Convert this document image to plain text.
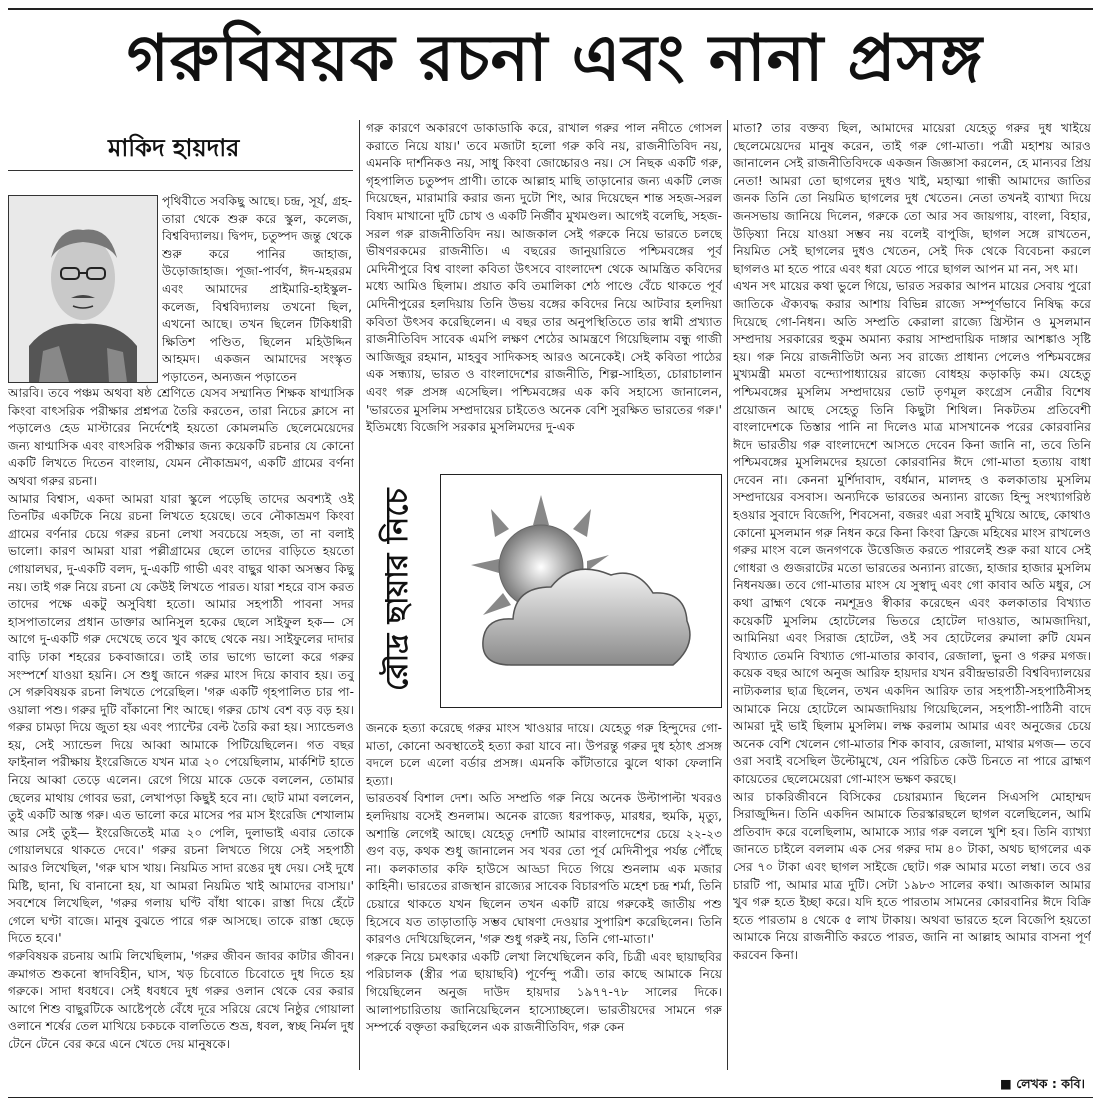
গরুবিষয়ক রচনা এবং নানা প্রসঙ্গ
মাকিদ হায়দার

পৃথিবীতে সবকিছু আছে। চন্দ্র, সূর্য, গ্রহ-তারা থেকে শুরু করে স্কুল, কলেজ, বিশ্ববিদ্যালয়। দ্বিপদ, চতুষ্পদ জন্তু থেকে শুরু করে পানির জাহাজ, উড়োজাহাজ। পূজা-পার্বণ, ঈদ-মহররম এবং আমাদের প্রাইমারি-হাইস্কুল-কলেজ, বিশ্ববিদ্যালয় তখনো ছিল, এখনো আছে। তখন ছিলেন টিকিধারী ক্ষিতিশ পণ্ডিত, ছিলেন মহিউদ্দিন আহমদ। একজন আমাদের সংস্কৃত পড়াতেন, অন্যজন পড়াতেন

আরবি। তবে পঞ্চম অথবা ষষ্ঠ শ্রেণিতে যেসব সম্মানিত শিক্ষক ষাণ্মাসিক কিংবা বাৎসরিক পরীক্ষার প্রশ্নপত্র তৈরি করতেন, তারা নিচের ক্লাসে না পড়ালেও হেড মাস্টারের নির্দেশেই হয়তো কোমলমতি ছেলেমেয়েদের জন্য ষাণ্মাসিক এবং বাৎসরিক পরীক্ষার জন্য কয়েকটি রচনার যে কোনো একটি লিখতে দিতেন বাংলায়, যেমন নৌকাভ্রমণ, একটি গ্রামের বর্ণনা অথবা গরুর রচনা।

আমার বিশ্বাস, একদা আমরা যারা স্কুলে পড়েছি তাদের অবশ্যই ওই তিনটির একটিকে নিয়ে রচনা লিখতে হয়েছে। তবে নৌকাভ্রমণ কিংবা গ্রামের বর্ণনার চেয়ে গরুর রচনা লেখা সবচেয়ে সহজ, তা না বলাই ভালো। কারণ আমরা যারা পল্লীগ্রামের ছেলে তাদের বাড়িতে হয়তো গোয়ালঘর, দু-একটি বলদ, দু-একটি গাভী এবং বাছুর থাকা অসম্ভব কিছু নয়। তাই গরু নিয়ে রচনা যে কেউই লিখতে পারত। যারা শহরে বাস করত তাদের পক্ষে একটু অসুবিধা হতো। আমার সহপাঠী পাবনা সদর হাসপাতালের প্রধান ডাক্তার আনিসুল হকের ছেলে সাইফুল হক— সে আগে দু-একটি গরু দেখেছে তবে খুব কাছে থেকে নয়। সাইফুলের দাদার বাড়ি ঢাকা শহরের চকবাজারে। তাই তার ভাগ্যে ভালো করে গরুর সংস্পর্শে যাওয়া হয়নি। সে শুধু জানে গরুর মাংস দিয়ে কাবাব হয়। তবু সে গরুবিষয়ক রচনা লিখতে পেরেছিল। 'গরু একটি গৃহপালিত চার পা-ওয়ালা পশু। গরুর দুটি বাঁকানো শিং আছে। গরুর চোখ বেশ বড় বড় হয়। গরুর চামড়া দিয়ে জুতা হয় এবং প্যান্টের বেল্ট তৈরি করা হয়। স্যান্ডেলও হয়, সেই স্যান্ডেল দিয়ে আব্বা আমাকে পিটিয়েছিলেন। গত বছর ফাইনাল পরীক্ষায় ইংরেজিতে যখন মাত্র ২০ পেয়েছিলাম, মার্কশিট হাতে নিয়ে আব্বা তেড়ে এলেন। রেগে গিয়ে মাকে ডেকে বললেন, তোমার ছেলের মাথায় গোবর ভরা, লেখাপড়া কিছুই হবে না। ছোট মামা বললেন, তুই একটি আস্ত গরু। এত ভালো করে মাসের পর মাস ইংরেজি শেখালাম আর সেই তুই— ইংরেজিতেই মাত্র ২০ পেলি, দুলাভাই এবার তোকে গোয়ালঘরে থাকতে দেবে।' গরুর রচনা লিখতে গিয়ে সেই সহপাঠী আরও লিখেছিল, 'গরু ঘাস খায়। নিয়মিত সাদা রঙের দুধ দেয়। সেই দুধে মিষ্টি, ছানা, ঘি বানানো হয়, যা আমরা নিয়মিত খাই আমাদের বাসায়।' সবশেষে লিখেছিল, 'গরুর গলায় ঘণ্টি বাঁধা থাকে। রাস্তা দিয়ে হেঁটে গেলে ঘণ্টা বাজে। মানুষ বুঝতে পারে গরু আসছে। তাকে রাস্তা ছেড়ে দিতে হবে।'

গরুবিষয়ক রচনায় আমি লিখেছিলাম, 'গরুর জীবন জাবর কাটার জীবন। ক্রমাগত শুকনো স্বাদবিহীন, ঘাস, খড় চিবোতে চিবোতে দুধ দিতে হয় গরুকে। সাদা ধবধবে। সেই ধবধবে দুধ গরুর ওলান থেকে বের করার আগে শিশু বাছুরটিকে আষ্টেপৃষ্ঠে বেঁধে দূরে সরিয়ে রেখে নিষ্ঠুর গোয়ালা ওলানে শর্ষের তেল মাখিয়ে চকচকে বালতিতে শুভ্র, ধবল, স্বচ্ছ নির্মল দুধ টেনে টেনে বের করে এনে খেতে দেয় মানুষকে।

গরু কারণে অকারণে ডাকাডাকি করে, রাখাল গরুর পাল নদীতে গোসল করাতে নিয়ে যায়।' তবে মজাটা হলো গরু কবি নয়, রাজনীতিবিদ নয়, এমনকি দার্শনিকও নয়, সাধু কিংবা জোচ্চোরও নয়। সে নিছক একটি গরু, গৃহপালিত চতুষ্পদ প্রাণী। তাকে আল্লাহ মাছি তাড়ানোর জন্য একটি লেজ দিয়েছেন, মারামারি করার জন্য দুটো শিং, আর দিয়েছেন শান্ত সহজ-সরল বিষাদ মাখানো দুটি চোখ ও একটি নির্জীব মুখমণ্ডল। আগেই বলেছি, সহজ-সরল গরু রাজনীতিবিদ নয়। আজকাল সেই গরুকে নিয়ে ভারতে চলছে ভীষণরকমের রাজনীতি। এ বছরের জানুয়ারিতে পশ্চিমবঙ্গের পূর্ব মেদিনীপুরে বিশ্ব বাংলা কবিতা উৎসবে বাংলাদেশ থেকে আমন্ত্রিত কবিদের মধ্যে আমিও ছিলাম। প্রয়াত কবি তমালিকা শেঠ পাণ্ডে বেঁচে থাকতে পূর্ব মেদিনীপুরের হলদিয়ায় তিনি উভয় বঙ্গের কবিদের নিয়ে আটবার হলদিয়া কবিতা উৎসব করেছিলেন। এ বছর তার অনুপস্থিতিতে তার স্বামী প্রখ্যাত রাজনীতিবিদ সাবেক এমপি লক্ষণ শেঠের আমন্ত্রণে গিয়েছিলাম বন্ধু গাজী আজিজুর রহমান, মাহবুব সাদিকসহ আরও অনেকেই। সেই কবিতা পাঠের এক সন্ধ্যায়, ভারত ও বাংলাদেশের রাজনীতি, শিল্প-সাহিত্য, চোরাচালান এবং গরু প্রসঙ্গ এসেছিল। পশ্চিমবঙ্গের এক কবি সহাস্যে জানালেন, 'ভারতের মুসলিম সম্প্রদায়ের চাইতেও অনেক বেশি সুরক্ষিত ভারতের গরু।' ইতিমধ্যে বিজেপি সরকার মুসলিমদের দু-এক

রৌদ্র ছায়ার নিচে

জনকে হত্যা করেছে গরুর মাংস খাওয়ার দায়ে। যেহেতু গরু হিন্দুদের গো-মাতা, কোনো অবস্থাতেই হত্যা করা যাবে না। উপরন্তু গরুর দুধ হঠাৎ প্রসঙ্গ বদলে চলে এলো বর্ডার প্রসঙ্গ। এমনকি কাঁটাতারে ঝুলে থাকা ফেলানি হত্যা।

ভারতবর্ষ বিশাল দেশ। অতি সম্প্রতি গরু নিয়ে অনেক উল্টাপাল্টা খবরও হলদিয়ায় বসেই শুনলাম। অনেক রাজ্যে ধরপাকড়, মারধর, হুমকি, মৃত্যু, অশান্তি লেগেই আছে। যেহেতু দেশটি আমার বাংলাদেশের চেয়ে ২২-২৩ গুণ বড়, কথক শুধু জানালেন সব খবর তো পূর্ব মেদিনীপুর পর্যন্ত পৌঁছে না। কলকাতার কফি হাউসে আড্ডা দিতে গিয়ে শুনলাম এক মজার কাহিনী। ভারতের রাজস্থান রাজ্যের সাবেক বিচারপতি মহেশ চন্দ্র শর্মা, তিনি চেয়ারে থাকতে যখন ছিলেন তখন একটি রায়ে গরুকেই জাতীয় পশু হিসেবে যত তাড়াতাড়ি সম্ভব ঘোষণা দেওয়ার সুপারিশ করেছিলেন। তিনি কারণও দেখিয়েছিলেন, 'গরু শুধু গরুই নয়, তিনি গো-মাতা।'

গরুকে নিয়ে চমৎকার একটি লেখা লিখেছিলেন কবি, চিত্রী এবং ছায়াছবির পরিচালক (স্ত্রীর পত্র ছায়াছবি) পূর্ণেন্দু পত্রী। তার কাছে আমাকে নিয়ে গিয়েছিলেন অনুজ দাউদ হায়দার ১৯৭৭-৭৮ সালের দিকে। আলাপচারিতায় জানিয়েছিলেন হাস্যোচ্ছলে। ভারতীয়দের সামনে গরু সম্পর্কে বক্তৃতা করছিলেন এক রাজনীতিবিদ, গরু কেন

মাতা? তার বক্তব্য ছিল, আমাদের মায়েরা যেহেতু গরুর দুধ খাইয়ে ছেলেমেয়েদের মানুষ করেন, তাই গরু গো-মাতা। পত্রী মহাশয় আরও জানালেন সেই রাজনীতিবিদকে একজন জিজ্ঞাসা করলেন, হে মান্যবর প্রিয় নেতা! আমরা তো ছাগলের দুধও খাই, মহাত্মা গান্ধী আমাদের জাতির জনক তিনি তো নিয়মিত ছাগলের দুধ খেতেন। নেতা তখনই ব্যাখ্যা দিয়ে জনসভায় জানিয়ে দিলেন, গরুকে তো আর সব জায়গায়, বাংলা, বিহার, উড়িষ্যা নিয়ে যাওয়া সম্ভব নয় বলেই বাপুজি, ছাগল সঙ্গে রাখতেন, নিয়মিত সেই ছাগলের দুধও খেতেন, সেই দিক থেকে বিবেচনা করলে ছাগলও মা হতে পারে এবং ধরা যেতে পারে ছাগল আপন মা নন, সৎ মা।

এখন সৎ মায়ের কথা ভুলে গিয়ে, ভারত সরকার আপন মায়ের সেবায় পুরো জাতিকে ঐক্যবদ্ধ করার আশায় বিভিন্ন রাজ্যে সম্পূর্ণভাবে নিষিদ্ধ করে দিয়েছে গো-নিধন। অতি সম্প্রতি কেরালা রাজ্যে খ্রিস্টান ও মুসলমান সম্প্রদায় সরকারের হুকুম অমান্য করায় সাম্প্রদায়িক দাঙ্গার আশঙ্কাও সৃষ্টি হয়। গরু নিয়ে রাজনীতিটা অন্য সব রাজ্যে প্রাধান্য পেলেও পশ্চিমবঙ্গের মুখ্যমন্ত্রী মমতা বন্দ্যোপাধ্যায়ের রাজ্যে বোধহয় কড়াকড়ি কম। যেহেতু পশ্চিমবঙ্গের মুসলিম সম্প্রদায়ের ভোট তৃণমূল কংগ্রেস নেত্রীর বিশেষ প্রয়োজন আছে সেহেতু তিনি কিছুটা শিথিল। নিকটতম প্রতিবেশী বাংলাদেশকে তিস্তার পানি না দিলেও মাত্র মাসখানেক পরের কোরবানির ঈদে ভারতীয় গরু বাংলাদেশে আসতে দেবেন কিনা জানি না, তবে তিনি পশ্চিমবঙ্গের মুসলিমদের হয়তো কোরবানির ঈদে গো-মাতা হত্যায় বাধা দেবেন না। কেননা মুর্শিদাবাদ, বর্ধমান, মালদহ ও কলকাতায় মুসলিম সম্প্রদায়ের বসবাস। অন্যদিকে ভারতের অন্যান্য রাজ্যে হিন্দু সংখ্যাগরিষ্ঠ হওয়ার সুবাদে বিজেপি, শিবসেনা, বজরং এরা সবাই মুখিয়ে আছে, কোথাও কোনো মুসলমান গরু নিধন করে কিনা কিংবা ফ্রিজে মহিষের মাংস রাখলেও গরুর মাংস বলে জনগণকে উত্তেজিত করতে পারলেই শুরু করা যাবে সেই গোধরা ও গুজরাটের মতো ভারতের অন্যান্য রাজ্যে, হাজার হাজার মুসলিম নিধনযজ্ঞ। তবে গো-মাতার মাংস যে সুস্বাদু এবং গো কাবাব অতি মধুর, সে কথা ব্রাহ্মণ থেকে নমশূদ্রও স্বীকার করেছেন এবং কলকাতার বিখ্যাত কয়েকটি মুসলিম হোটেলের ভিতরে হোটেল দাওয়াত, আমজাদিয়া, আমিনিয়া এবং সিরাজ হোটেল, ওই সব হোটেলের রুমালা রুটি যেমন বিখ্যাত তেমনি বিখ্যাত গো-মাতার কাবাব, রেজালা, ভুনা ও গরুর মগজ। কয়েক বছর আগে অনুজ আরিফ হায়দার যখন রবীন্দ্রভারতী বিশ্ববিদ্যালয়ের নাট্যকলার ছাত্র ছিলেন, তখন একদিন আরিফ তার সহপাঠী-সহপাঠিনীসহ আমাকে নিয়ে হোটেলে আমজাদিয়ায় গিয়েছিলেন, সহপাঠী-পাঠিনী বাদে আমরা দুই ভাই ছিলাম মুসলিম। লক্ষ করলাম আমার এবং অনুজের চেয়ে অনেক বেশি খেলেন গো-মাতার শিক কাবাব, রেজালা, মাথার মগজ— তবে ওরা সবাই বসেছিল উল্টোমুখে, যেন পরিচিত কেউ চিনতে না পারে ব্রাহ্মণ কায়েতের ছেলেমেয়েরা গো-মাংস ভক্ষণ করছে।

আর চাকরিজীবনে বিসিকের চেয়ারম্যান ছিলেন সিএসপি মোহাম্মদ সিরাজুদ্দিন। তিনি একদিন আমাকে তিরস্কারছলে ছাগল বলেছিলেন, আমি প্রতিবাদ করে বলেছিলাম, আমাকে স্যার গরু বললে খুশি হব। তিনি ব্যাখ্যা জানতে চাইলে বললাম এক সের গরুর দাম ৪০ টাকা, অথচ ছাগলের এক সের ৭০ টাকা এবং ছাগল সাইজে ছোট। গরু আমার মতো লম্বা। তবে ওর চারটি পা, আমার মাত্র দুটি। সেটা ১৯৮৩ সালের কথা। আজকাল আমার খুব গরু হতে ইচ্ছা করে। যদি হতে পারতাম সামনের কোরবানির ঈদে বিক্রি হতে পারতাম ৪ থেকে ৫ লাখ টাকায়। অথবা ভারতে হলে বিজেপি হয়তো আমাকে নিয়ে রাজনীতি করতে পারত, জানি না আল্লাহ আমার বাসনা পূর্ণ করবেন কিনা।

■ লেখক : কবি।
